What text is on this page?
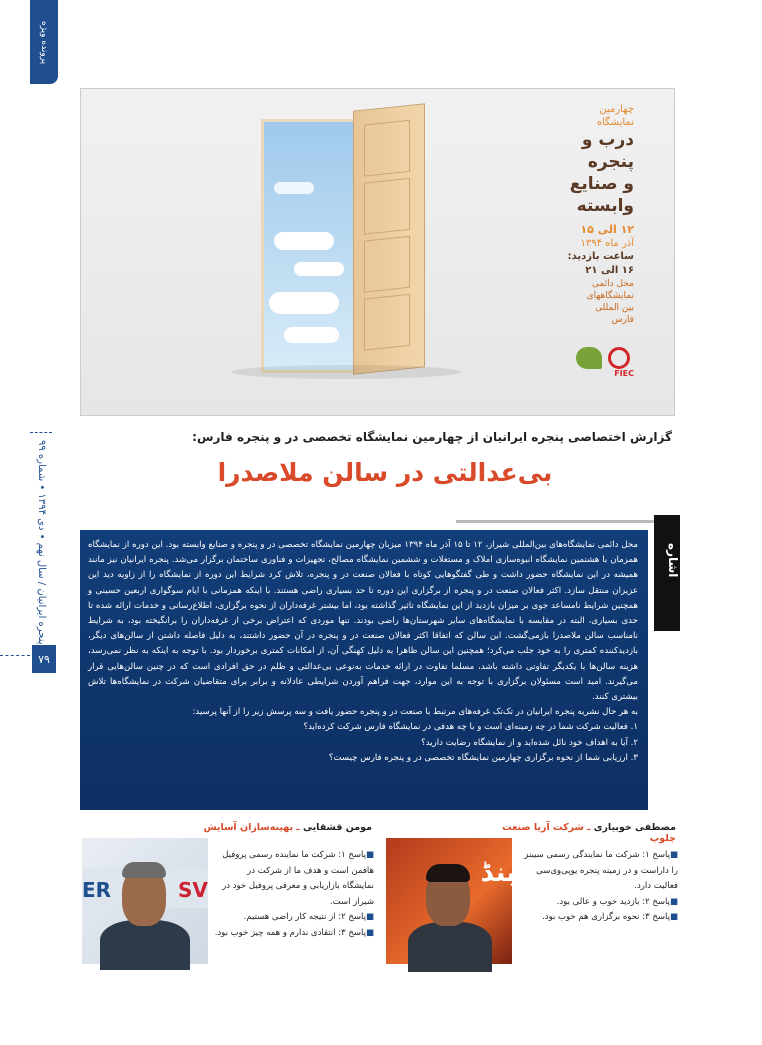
پرونده ویژه
پنجره ایرانیان / سال نهم • دی ۱۳۹۴ • شماره ۹۹
۷۹
چهارمین
نمایشگاه
درب و
پنجره
و صنایع
وابسته
۱۲ الی ۱۵
آذر ماه ۱۳۹۴
ساعت بازدید:
۱۶ الی ۲۱
محل دائمی
نمایشگاههای
بین المللی
فارس
FIEC
گزارش اختصاصی پنجره ایرانیان از چهارمین نمایشگاه تخصصی در و پنجره فارس:
بی‌عدالتی در سالن ملاصدرا
اشاره

محل دائمی نمایشگاه‌های بین‌المللی شیراز، ۱۲ تا ۱۵ آذر ماه ۱۳۹۴ میزبان چهارمین نمایشگاه تخصصی در و پنجره و صنایع وابسته بود. این دوره از نمایشگاه همزمان با هشتمین نمایشگاه انبوه‌سازی املاک و مستغلات و ششمین نمایشگاه مصالح، تجهیزات و فناوری ساختمان برگزار می‌شد. پنجره ایرانیان نیز مانند همیشه در این نمایشگاه حضور داشت و طی گفتگوهایی کوتاه با فعالان صنعت در و پنجره، تلاش کرد شرایط این دوره از نمایشگاه را از زاویه دید این عزیزان منتقل سازد. اکثر فعالان صنعت در و پنجره از برگزاری این دوره تا حد بسیاری راضی هستند. با اینکه همزمانی با ایام سوگواری اربعین حسینی و همچنین شرایط نامساعد جوی بر میزان بازدید از این نمایشگاه تاثیر گذاشته بود، اما بیشتر غرفه‌داران از نحوه برگزاری، اطلاع‌رسانی و خدمات ارائه شده تا حدی بسیاری، البته در مقایسه با نمایشگاه‌های سایر شهرستان‌ها راضی بودند. تنها موردی که اعتراض برخی از غرفه‌داران را برانگیخته بود، به شرایط نامناسب سالن ملاصدرا بازمی‌گشت. این سالن که اتفاقا اکثر فعالان صنعت در و پنجره در آن حضور داشتند، به دلیل فاصله داشتن از سالن‌های دیگر، بازدیدکننده کمتری را به خود جلب می‌کرد؛ همچنین این سالن ظاهرا به دلیل کهنگی آن، از امکانات کمتری برخوردار بود. با توجه به اینکه به نظر نمی‌رسد، هزینه سالن‌ها با یکدیگر تفاوتی داشته باشد، مسلما تفاوت در ارائه خدمات به‌نوعی بی‌عدالتی و ظلم در حق افرادی است که در چنین سالن‌هایی قرار می‌گیرند. امید است مسئولان برگزاری با توجه به این موارد، جهت فراهم آوردن شرایطی عادلانه و برابر برای متقاضیان شرکت در نمایشگاه‌ها تلاش بیشتری کنند.

به هر حال نشریه پنجره ایرانیان در تک‌تک غرفه‌های مرتبط با صنعت در و پنجره حضور یافت و سه پرسش زیر را از آنها پرسید:

۱. فعالیت شرکت شما در چه زمینه‌ای است و با چه هدفی در نمایشگاه فارس شرکت کرده‌اید؟

۲. آیا به اهداف خود نائل شده‌اید و از نمایشگاه رضایت دارید؟

۳. ارزیابی شما از نحوه برگزاری چهارمین نمایشگاه تخصصی در و پنجره فارس چیست؟

مصطفی خوبیاری ـ شرکت آریا صنعت چلوپ
بنڈ

■پاسخ ۱: شرکت ما نمایندگی رسمی سیبنز را داراست و در زمینه پنجره یوپی‌وی‌سی فعالیت دارد.

■پاسخ ۲: بازدید خوب و عالی بود.

■پاسخ ۳: نحوه برگزاری هم خوب بود.

مومن قشقایی ـ بهینه‌سازان آسایش
ER	SV

■پاسخ ۱: شرکت ما نماینده رسمی پروفیل هافمن است و هدف ما از شرکت در نمایشگاه بازاریابی و معرفی پروفیل خود در شیراز است.

■پاسخ ۲: از نتیجه کار راضی هستیم.

■پاسخ ۳: انتقادی ندارم و همه چیز خوب بود.
